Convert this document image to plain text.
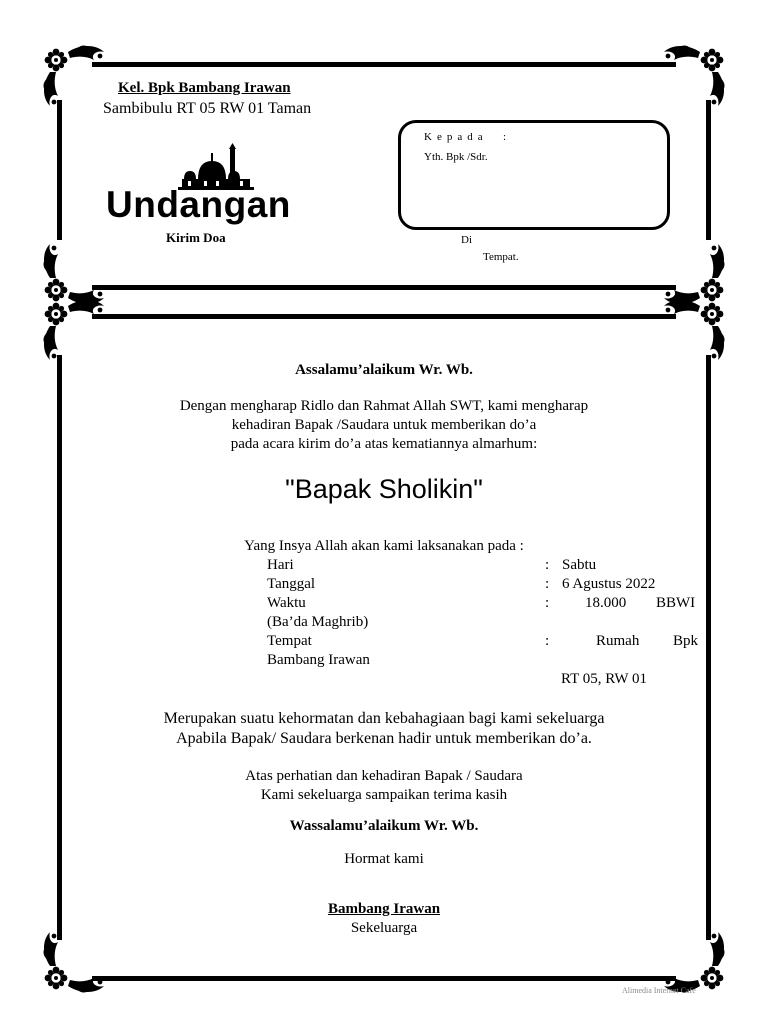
Kel. Bpk Bambang Irawan
Sambibulu RT 05 RW 01 Taman
Undangan
Kirim Doa
Kepada :
Yth. Bpk /Sdr.
Di
Tempat.
Assalamu’alaikum Wr. Wb.
Dengan mengharap Ridlo dan Rahmat Allah SWT, kami mengharap
kehadiran Bapak /Saudara untuk memberikan do’a
pada acara kirim do’a atas kematiannya almarhum:
"Bapak Sholikin"
Yang Insya Allah akan kami laksanakan pada :
Hari	: Sabtu
Tanggal	: 6 Agustus 2022
Waktu	: 18.000 BBWI
(Ba’da Maghrib)
Tempat	:	Rumah Bpk
Bambang Irawan
RT 05, RW 01
Merupakan suatu kehormatan dan kebahagiaan bagi kami sekeluarga
Apabila Bapak/ Saudara berkenan hadir untuk memberikan do’a.
Atas perhatian dan kehadiran Bapak / Saudara
Kami sekeluarga sampaikan terima kasih
Wassalamu’alaikum Wr. Wb.
Hormat kami
Bambang Irawan
Sekeluarga
Alimedia Internet Cafe
